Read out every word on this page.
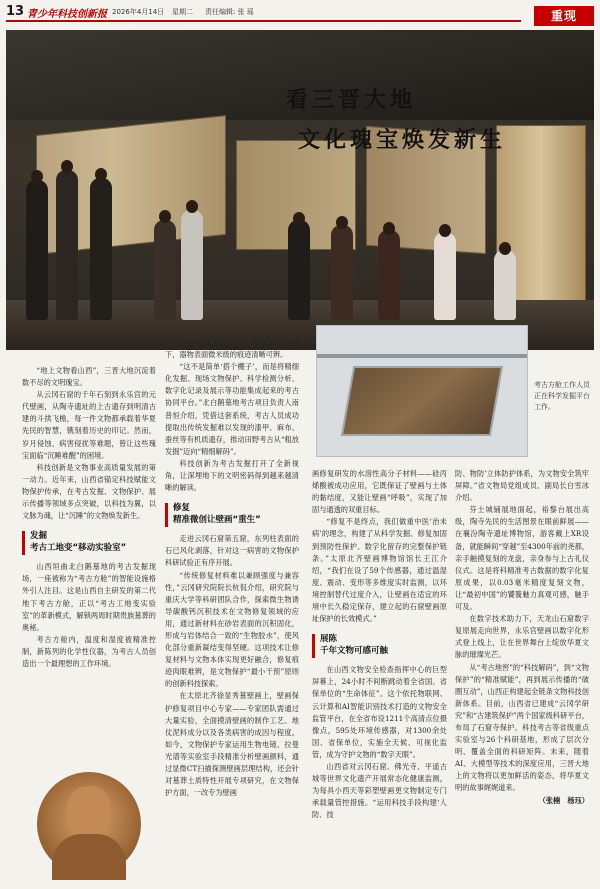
13 青少年科技创新报 2026年4月14日 星期二 责任编辑: 张 瑶	重现
看三晋大地
文化瑰宝焕发新生
考古方舱工作人员正在科学发掘平台工作。

“地上文物看山西”，三晋大地沉淀着数不尽的文明瑰宝。

从云冈石窟的千年石刻到永乐宫的元代壁画，从陶寺遗址的上古遗存到明清古建的斗拱飞檐，每一件文物都承载着华夏先民的智慧，镌刻着历史的印记。然而，岁月侵蚀、病害侵扰等难题，曾让这些瑰宝面临“沉睡难醒”的困境。

科技创新是文物事业高质量发展的第一动力。近年来，山西省锚定科技赋能文物保护传承，在考古发掘、文物保护、展示传播等领域多点突破，以科技为翼，以文脉为魂，让“沉睡”的文物焕发新生。

发掘
考古工地变“移动实验室”

山西垣曲北白鹅墓地的考古发掘现场，一座被称为“考古方舱”的智能设施格外引人注目。这是山西自主研发的第二代地下考古方舱，正以“考古工地变实验室”的革新模式，解锁两周时期贵族墓葬的奥秘。

考古方舱内，温度和湿度被精准控制，新陈列的化学性仪器，为考古人员创造出一个最理想的工作环境。

中窥格遭遗的风险；超景深显微镜下，器物表面微米级的痕迹清晰可辨。

“这不是简单‘搭个棚子’，而是将精细化发掘、现场文物保护、科学检测分析、数字化记录及展示等功能集成起来的考古协同平台。”北白鹅墓地考古项目负责人南普恒介绍，凭借这套系统，考古人员成功提取出传统发掘难以发现的漆甲、麻布、蚕丝等有机质遗存，推动田野考古从“粗放发掘”迈向“精细解码”。

科技创新为考古发掘打开了全新视角，让深埋地下的文明密码得到越来越清晰的解读。

修复
精准微创让壁画“重生”

走进云冈石窟第五窟，东列柱表面的石已风化剥落，针对这一病害的文物保护科研试验正有序开展。

“传统修复材料难以兼顾强度与兼容性，”云冈研究院院长杭侃介绍，研究院与重庆大学等科研团队合作，探索微生物诱导碳酸钙沉积技术在文物修复领域的应用，通过新材料在砂岩表面的沉积固化，形成与岩体结合一致的“生物胶水”，使风化部分重新凝结变得坚硬。这项技术让修复材料与文物本体实现更好融合，修复痕迹肉眼难辨，是文物保护“最小干预”原则的创新科技探索。

在太原北齐徐显秀墓壁画上，壁画保护修复项目中心专家——专家团队需通过大量实验，全面摸清壁画的制作工艺、地仗泥料成分以及各类病害的成因与程度。如今，文物保护专家运用生物电镜、拉曼光谱等实验室手段精准分析壁画颜料，通过显微CT扫描探测壁画层理结构，还会针对墓葬土质特性开展专项研究，在文物保护方面，一改专为壁画

画修复研发的水溶性高分子材料——硅丙烯酸被成功应用，它既保证了壁画与土体的黏结度，又能让壁画“呼吸”，实现了加固与通透的双重目标。

“修复不是终点，我们做重中医‘治未病’的理念，构建了从科学发掘、修复加固到预防性保护、数字化留存的完整保护链条。”太原北齐壁画博物馆馆长王江介绍，“我们在设了59个传感器，通过温湿度、震动、变形等多维度实时监测，以环境控制替代过度介入，让壁画在适宜的环境中长久稳定保存，建立起的石窟壁画原址保护的长效模式。”

展陈
千年文物可感可触

在山西文物安全检查指挥中心的巨型屏幕上，24小时不间断跳动着全省国、省保单位的“生命体征”。这个依托物联网、云计算和AI智能识别技术打造的文物安全监管平台，在全省布设1211个高清点位摄像点，595处环境传感器，对1300余处国、省保单位，实施全天候、可视化监管，成为守护文物的“数字天眼”。

山西省对云冈石窟、佛光寺、平遥古城等世界文化遗产开展常态化健康监测，为每具小西天等彩塑壁画更文物制定专门承载量管控措施。“运用科技手段构建‘人防、技

防、物防’立体防护体系，为文物安全筑牢屏障。”省文物局党组成员、副局长白雪冰介绍。

芬士城铺展地面起，裕黎台展出高级，陶寺先民的生活图景在眼前鲜展——在襄汾陶寺遗址博物馆，游客戴上XR设备，就能瞬间“穿越”至4300年前的尧都，亲手触摸复刻的龙盘，亲身参与上古礼仪仪式。这是将科精准考古数据的数字化复原成果，以0.03毫米精度复刻文物，让“最初中国”的饕餮魅力真观可感，触手可及。

在数字技术助力下，天龙山石窟数字复原展走向世界，永乐宫壁画以数字化形式登上线上，让在世界舞台上绽放华夏文脉的璀璨光芒。

从“考古地窖”的“科技解码”，到“文物保护”的“精准赋能”，再到展示传播的“破圈互动”，山西正构建起全链条文物科技创新体系。目前，山西省已建成“云冈学研究”和“古建筑保护”两个国家级科研平台，布局了石窟寺保护、科技考古等省级重点实验室与26个科研基地，形成了层次分明、覆盖全面的科研矩阵。未来，随着AI、大模型等技术的深度应用，三晋大地上的文物将以更加鲜活的姿态，将华夏文明的故事娓娓道来。

（张楠　杨珏）
